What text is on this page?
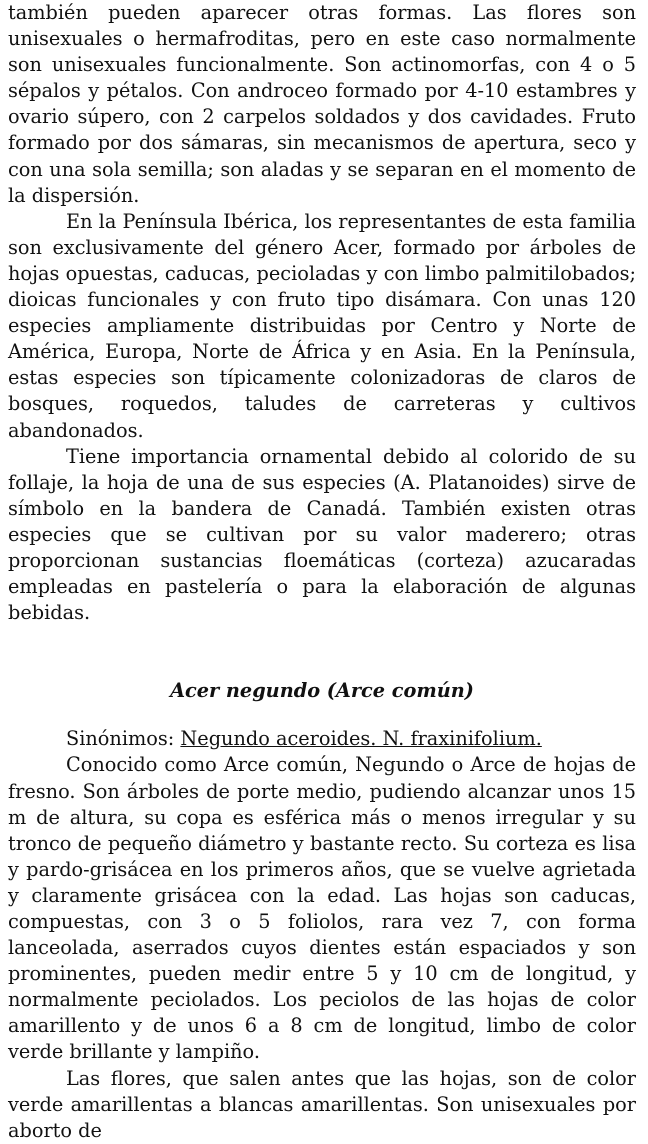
también pueden aparecer otras formas. Las flores son unisexuales o hermafroditas, pero en este caso normalmente son unisexuales funcionalmente. Son actinomorfas, con 4 o 5 sépalos y pétalos. Con androceo formado por 4-10 estambres y ovario súpero, con 2 carpelos soldados y dos cavidades. Fruto formado por dos sámaras, sin mecanismos de apertura, seco y con una sola semilla; son aladas y se separan en el momento de la dispersión.

En la Península Ibérica, los representantes de esta familia son exclusivamente del género Acer, formado por árboles de hojas opuestas, caducas, pecioladas y con limbo palmitilobados; dioicas funcionales y con fruto tipo disámara. Con unas 120 especies ampliamente distribuidas por Centro y Norte de América, Europa, Norte de África y en Asia. En la Península, estas especies son típicamente colonizadoras de claros de bosques, roquedos, taludes de carreteras y cultivos abandonados.

Tiene importancia ornamental debido al colorido de su follaje, la hoja de una de sus especies (A. Platanoides) sirve de símbolo en la bandera de Canadá. También existen otras especies que se cultivan por su valor maderero; otras proporcionan sustancias floemáticas (corteza) azucaradas empleadas en pastelería o para la elaboración de algunas bebidas.

Acer negundo (Arce común)

Sinónimos: Negundo aceroides. N. fraxinifolium.

Conocido como Arce común, Negundo o Arce de hojas de fresno. Son árboles de porte medio, pudiendo alcanzar unos 15 m de altura, su copa es esférica más o menos irregular y su tronco de pequeño diámetro y bastante recto. Su corteza es lisa y pardo-grisácea en los primeros años, que se vuelve agrietada y claramente grisácea con la edad. Las hojas son caducas, compuestas, con 3 o 5 foliolos, rara vez 7, con forma lanceolada, aserrados cuyos dientes están espaciados y son prominentes, pueden medir entre 5 y 10 cm de longitud, y normalmente peciolados. Los peciolos de las hojas de color amarillento y de unos 6 a 8 cm de longitud, limbo de color verde brillante y lampiño.

Las flores, que salen antes que las hojas, son de color verde amarillentas a blancas amarillentas. Son unisexuales por aborto de
